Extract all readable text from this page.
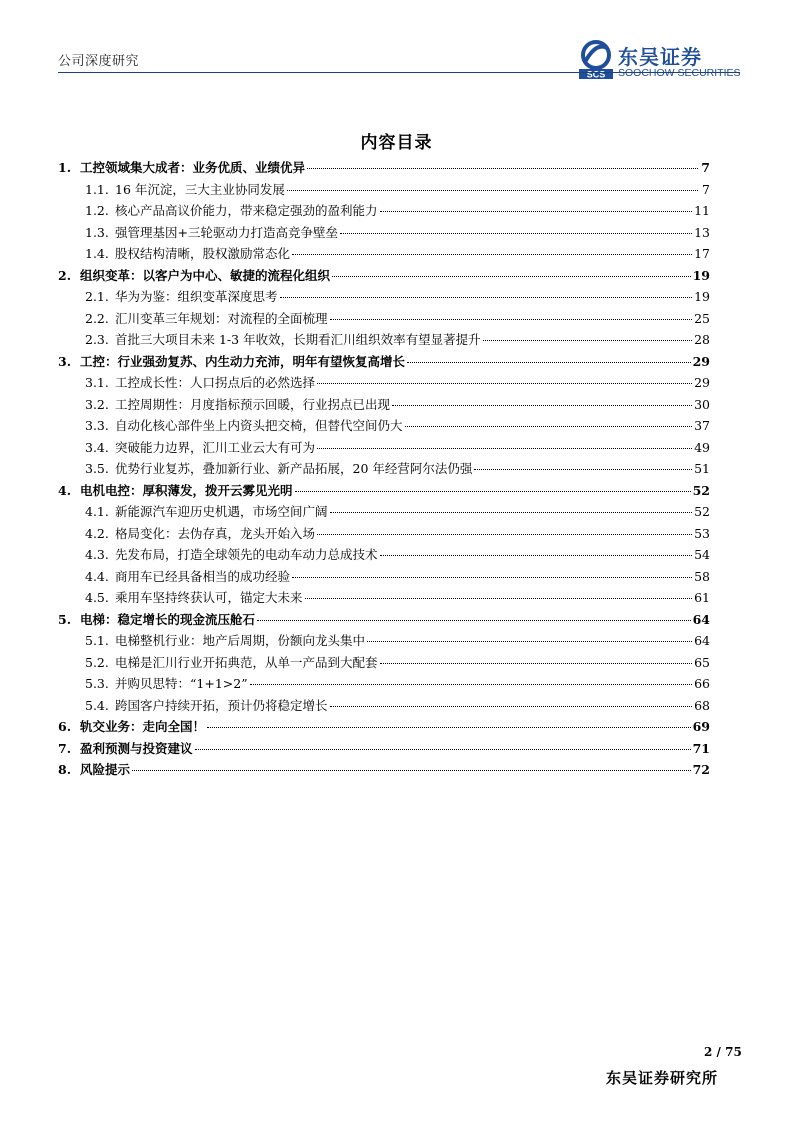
公司深度研究
SCS
东吴证券
SOOCHOW SECURITIES
内容目录
1. 工控领域集大成者：业务优质、业绩优异	7
1.1. 16 年沉淀，三大主业协同发展	7
1.2. 核心产品高议价能力，带来稳定强劲的盈利能力	11
1.3. 强管理基因+三轮驱动力打造高竞争壁垒	13
1.4. 股权结构清晰，股权激励常态化	17
2. 组织变革：以客户为中心、敏捷的流程化组织	19
2.1. 华为为鉴：组织变革深度思考	19
2.2. 汇川变革三年规划：对流程的全面梳理	25
2.3. 首批三大项目未来 1-3 年收效，长期看汇川组织效率有望显著提升	28
3. 工控：行业强劲复苏、内生动力充沛，明年有望恢复高增长	29
3.1. 工控成长性：人口拐点后的必然选择	29
3.2. 工控周期性：月度指标预示回暖，行业拐点已出现	30
3.3. 自动化核心部件坐上内资头把交椅，但替代空间仍大	37
3.4. 突破能力边界，汇川工业云大有可为	49
3.5. 优势行业复苏，叠加新行业、新产品拓展，20 年经营阿尔法仍强	51
4. 电机电控：厚积薄发，拨开云雾见光明	52
4.1. 新能源汽车迎历史机遇，市场空间广阔	52
4.2. 格局变化：去伪存真，龙头开始入场	53
4.3. 先发布局，打造全球领先的电动车动力总成技术	54
4.4. 商用车已经具备相当的成功经验	58
4.5. 乘用车坚持终获认可，锚定大未来	61
5. 电梯：稳定增长的现金流压舱石	64
5.1. 电梯整机行业：地产后周期，份额向龙头集中	64
5.2. 电梯是汇川行业开拓典范，从单一产品到大配套	65
5.3. 并购贝思特：“1+1>2”	66
5.4. 跨国客户持续开拓，预计仍将稳定增长	68
6. 轨交业务：走向全国！	69
7. 盈利预测与投资建议	71
8. 风险提示	72
2 / 75
东吴证券研究所
